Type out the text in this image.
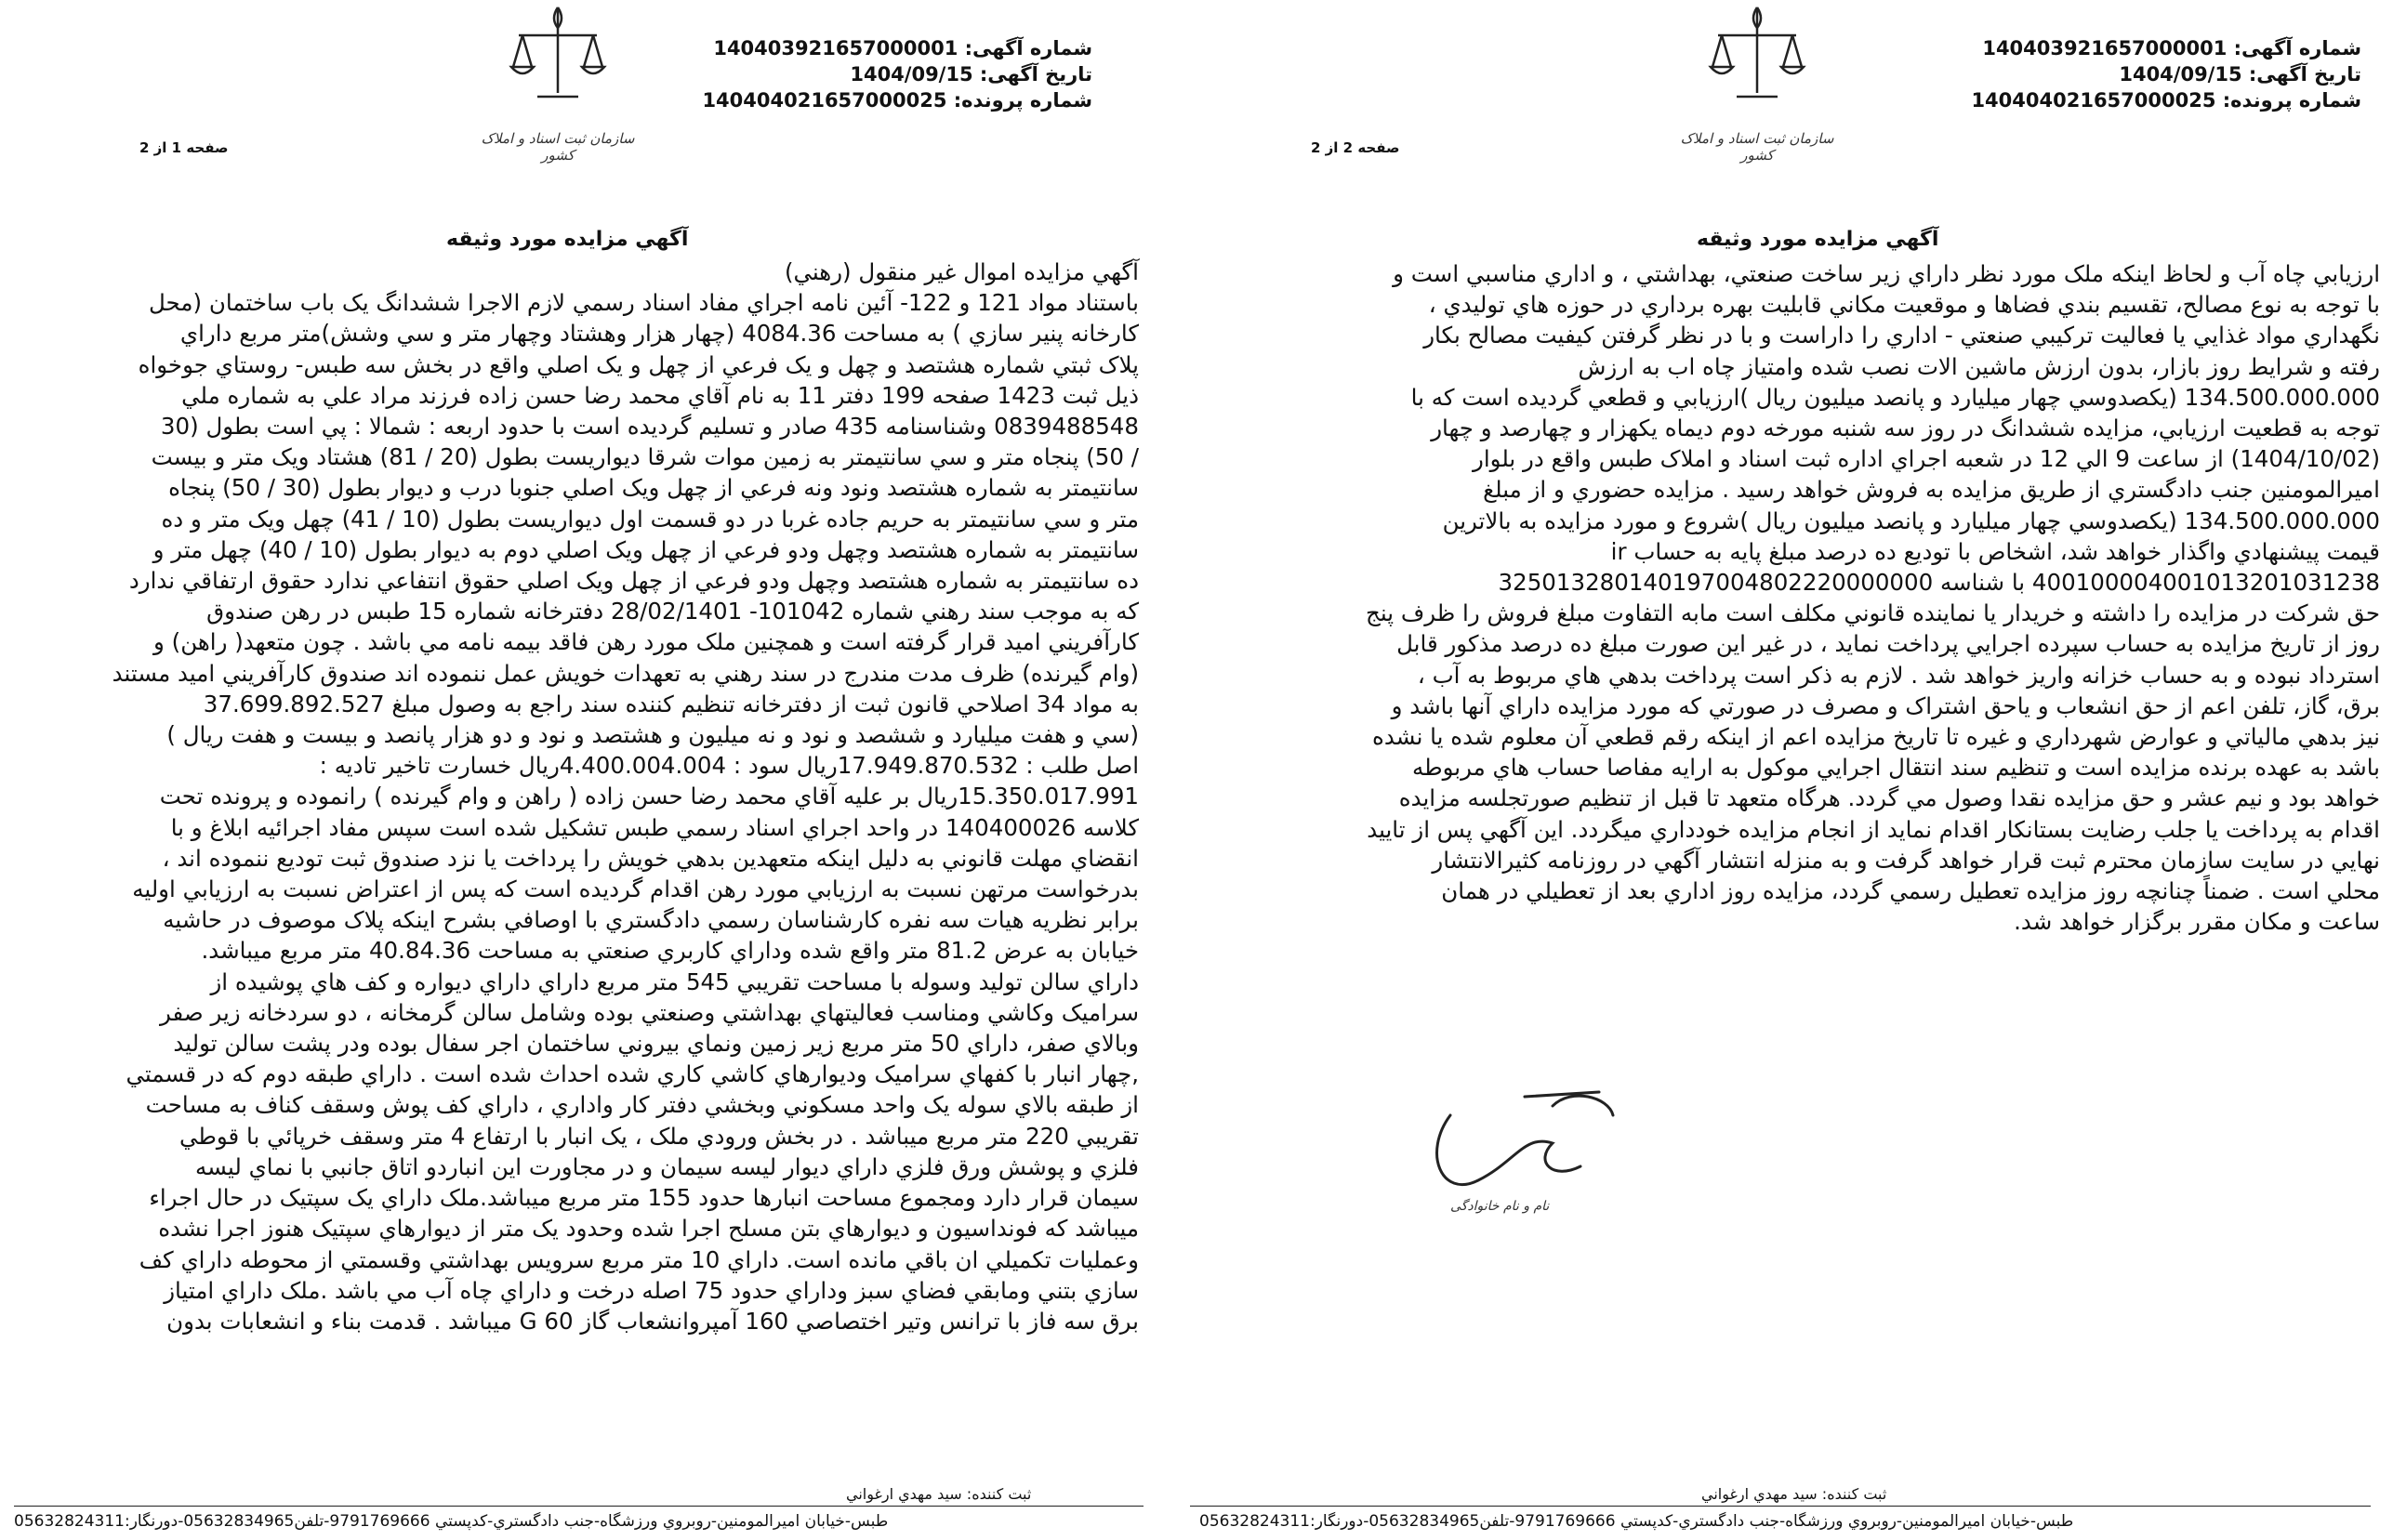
شماره آگهی: 140403921657000001
تاریخ آگهی: 1404/09/15
شماره پرونده: 140404021657000025
سازمان ثبت اسناد و املاک کشور
صفحه 1 از 2
آگهي مزايده مورد وثيقه
آگهي مزايده اموال غير منقول (رهني)
باستناد مواد 121 و 122- آئين نامه اجراي مفاد اسناد رسمي لازم الاجرا ششدانگ يک باب ساختمان (محل
کارخانه پنير سازي ) به مساحت 4084.36 (چهار هزار وهشتاد وچهار متر و سي وشش)متر مربع داراي
پلاک ثبتي شماره هشتصد و چهل و يک فرعي از چهل و يک اصلي واقع در بخش سه طبس- روستاي جوخواه
ذيل ثبت 1423 صفحه 199 دفتر 11 به نام آقاي محمد رضا حسن زاده فرزند مراد علي به شماره ملي
0839488548 وشناسنامه 435 صادر و تسليم گرديده است با حدود اربعه : شمالا : پي است بطول (30
/ 50) پنجاه متر و سي سانتيمتر به زمين موات شرقا ديواريست بطول (20 / 81) هشتاد ويک متر و بيست
سانتيمتر به شماره هشتصد ونود ونه فرعي از چهل ويک اصلي جنوبا درب و ديوار بطول (30 / 50) پنجاه
متر و سي سانتيمتر به حريم جاده غربا در دو قسمت اول ديواريست بطول (10 / 41) چهل ويک متر و ده
سانتيمتر به شماره هشتصد وچهل ودو فرعي از چهل ويک اصلي دوم به ديوار بطول (10 / 40) چهل متر و
ده سانتيمتر به شماره هشتصد وچهل ودو فرعي از چهل ويک اصلي حقوق انتفاعي ندارد حقوق ارتفاقي ندارد
که به موجب سند رهني شماره 101042- 28/02/1401 دفترخانه شماره 15 طبس در رهن صندوق
کارآفريني اميد قرار گرفته است و همچنين ملک مورد رهن فاقد بيمه نامه مي باشد . چون متعهد( راهن) و
(وام گيرنده) ظرف مدت مندرج در سند رهني به تعهدات خويش عمل ننموده اند صندوق کارآفريني اميد مستند
به مواد 34 اصلاحي قانون ثبت از دفترخانه تنظيم کننده سند راجع به وصول مبلغ 37.699.892.527
(سي و هفت ميليارد و ششصد و نود و نه ميليون و هشتصد و نود و دو هزار پانصد و بيست و هفت ريال )
اصل طلب : 17.949.870.532ريال سود : 4.400.004.004ريال خسارت تاخير تاديه :
15.350.017.991ريال بر عليه آقاي محمد رضا حسن زاده ( راهن و وام گيرنده ) رانموده و پرونده تحت
کلاسه 140400026 در واحد اجراي اسناد رسمي طبس تشکيل شده است سپس مفاد اجرائيه ابلاغ و با
انقضاي مهلت قانوني به دليل اينکه متعهدين بدهي خويش را پرداخت يا نزد صندوق ثبت توديع ننموده اند ،
بدرخواست مرتهن نسبت به ارزيابي مورد رهن اقدام گرديده است که پس از اعتراض نسبت به ارزيابي اوليه
برابر نظريه هيات سه نفره کارشناسان رسمي دادگستري با اوصافي بشرح اينکه پلاک موصوف در حاشيه
خيابان به عرض 81.2 متر واقع شده وداراي کاربري صنعتي به مساحت 40.84.36 متر مربع ميباشد.
داراي سالن توليد وسوله با مساحت تقريبي 545 متر مربع داراي داراي ديواره و کف هاي پوشيده از
سراميک وکاشي ومناسب فعاليتهاي بهداشتي وصنعتي بوده وشامل سالن گرمخانه ، دو سردخانه زير صفر
وبالاي صفر، داراي 50 متر مربع زير زمين ونماي بيروني ساختمان اجر سفال بوده ودر پشت سالن توليد
,چهار انبار با کفهاي سراميک وديوارهاي کاشي کاري شده احداث شده است . داراي طبقه دوم که در قسمتي
از طبقه بالاي سوله يک واحد مسکوني وبخشي دفتر کار واداري ، داراي کف پوش وسقف کناف به مساحت
تقريبي 220 متر مربع ميباشد . در بخش ورودي ملک ، يک انبار با ارتفاع 4 متر وسقف خرپائي با قوطي
فلزي و پوشش ورق فلزي داراي ديوار ليسه سيمان و در مجاورت اين انباردو اتاق جانبي با نماي ليسه
سيمان قرار دارد ومجموع مساحت انبارها حدود 155 متر مربع ميباشد.ملک داراي يک سپتيک در حال اجراء
ميباشد که فونداسيون و ديوارهاي بتن مسلح اجرا شده وحدود يک متر از ديوارهاي سپتيک هنوز اجرا نشده
وعمليات تکميلي ان باقي مانده است. داراي 10 متر مربع سرويس بهداشتي وقسمتي از محوطه داراي کف
سازي بتني ومابقي فضاي سبز وداراي حدود 75 اصله درخت و داراي چاه آب مي باشد .ملک داراي امتياز
برق سه فاز با ترانس وتير اختصاصي 160 آمپروانشعاب گاز G 60 ميباشد . قدمت بناء و انشعابات بدون
ثبت کننده: سيد مهدي ارغواني
طبس-خيابان اميرالمومنين-روبروي ورزشگاه-جنب دادگستري-کدپستي 9791769666-تلفن05632834965-دورنگار:05632824311
شماره آگهی: 140403921657000001
تاریخ آگهی: 1404/09/15
شماره پرونده: 140404021657000025
سازمان ثبت اسناد و املاک کشور
صفحه 2 از 2
آگهي مزايده مورد وثيقه
ارزيابي چاه آب و لحاظ اينکه ملک مورد نظر داراي زير ساخت صنعتي، بهداشتي ، و اداري مناسبي است و
با توجه به نوع مصالح، تقسيم بندي فضاها و موقعيت مکاني قابليت بهره برداري در حوزه هاي توليدي ،
نگهداري مواد غذايي يا فعاليت ترکيبي صنعتي - اداري را داراست و با در نظر گرفتن کيفيت مصالح بکار
رفته و شرايط روز بازار، بدون ارزش ماشين الات نصب شده وامتياز چاه اب به ارزش
134.500.000.000 (يکصدوسي چهار ميليارد و پانصد ميليون ريال )ارزيابي و قطعي گرديده است که با
توجه به قطعيت ارزيابي، مزايده ششدانگ در روز سه شنبه مورخه دوم ديماه يکهزار و چهارصد و چهار
(1404/10/02) از ساعت 9 الي 12 در شعبه اجراي اداره ثبت اسناد و املاک طبس واقع در بلوار
اميرالمومنين جنب دادگستري از طريق مزايده به فروش خواهد رسيد . مزايده حضوري و از مبلغ
134.500.000.000 (يکصدوسي چهار ميليارد و پانصد ميليون ريال )شروع و مورد مزايده به بالاترين
قيمت پيشنهادي واگذار خواهد شد، اشخاص با توديع ده درصد مبلغ پايه به حساب ir
400100004001013201031238 با شناسه 325013280140197004802220000000
حق شرکت در مزايده را داشته و خريدار يا نماينده قانوني مکلف است مابه التفاوت مبلغ فروش را ظرف پنج
روز از تاريخ مزايده به حساب سپرده اجرايي پرداخت نمايد ، در غير اين صورت مبلغ ده درصد مذکور قابل
استرداد نبوده و به حساب خزانه واريز خواهد شد . لازم به ذکر است پرداخت بدهي هاي مربوط به آب ،
برق، گاز، تلفن اعم از حق انشعاب و ياحق اشتراک و مصرف در صورتي که مورد مزايده داراي آنها باشد و
نيز بدهي مالياتي و عوارض شهرداري و غيره تا تاريخ مزايده اعم از اينکه رقم قطعي آن معلوم شده يا نشده
باشد به عهده برنده مزايده است و تنظيم سند انتقال اجرايي موکول به ارايه مفاصا حساب هاي مربوطه
خواهد بود و نيم عشر و حق مزايده نقدا وصول مي گردد. هرگاه متعهد تا قبل از تنظيم صورتجلسه مزايده
اقدام به پرداخت يا جلب رضايت بستانکار اقدام نمايد از انجام مزايده خودداري ميگردد. اين آگهي پس از تاييد
نهايي در سايت سازمان محترم ثبت قرار خواهد گرفت و به منزله انتشار آگهي در روزنامه کثيرالانتشار
محلي است . ضمناً چنانچه روز مزايده تعطيل رسمي گردد، مزايده روز اداري بعد از تعطيلي در همان
ساعت و مکان مقرر برگزار خواهد شد.
نام و نام خانوادگی
ثبت کننده: سيد مهدي ارغواني
طبس-خيابان اميرالمومنين-روبروي ورزشگاه-جنب دادگستري-کدپستي 9791769666-تلفن05632834965-دورنگار:05632824311
